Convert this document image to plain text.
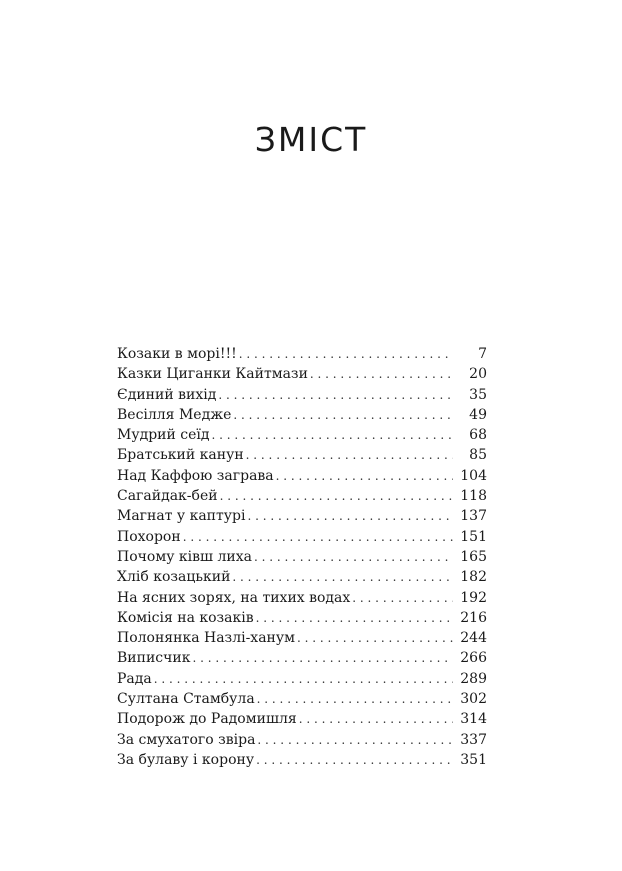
ЗМІСТ
Козаки в морі!!! . . .	7
Казки Циганки Кайтмази . . .	20
Єдиний вихід . . .	35
Весілля Медже . . .	49
Мудрий сеїд . . .	68
Братський канун . . .	85
Над Каффою заграва . . .	104
Сагайдак-бей . . .	118
Магнат у каптурі . . .	137
Похорон . . .	151
Почому ківш лиха . . .	165
Хліб козацький . . .	182
На ясних зорях, на тихих водах . . .	192
Комісія на козаків . . .	216
Полонянка Назлі-ханум . . .	244
Виписчик . . .	266
Рада . . .	289
Султана Стамбула . . .	302
Подорож до Радомишля . . .	314
За смухатого звіра . . .	337
За булаву і корону . . .	351
